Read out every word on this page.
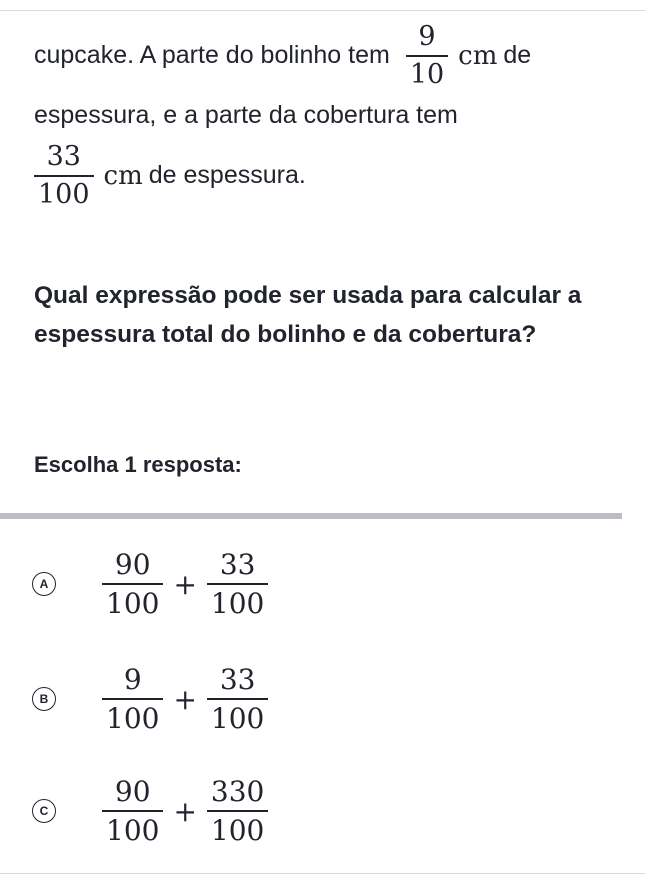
cupcake. A parte do bolinho tem $\frac{9}{10}$ cm de
espessura, e a parte da cobertura tem
$\frac{33}{100}$ cm de espessura.
Qual expressão pode ser usada para calcular a espessura total do bolinho e da cobertura?
Escolha 1 resposta:
A $\frac{90}{100} + \frac{33}{100}$
B $\frac{9}{100} + \frac{33}{100}$
C $\frac{90}{100} + \frac{330}{100}$
